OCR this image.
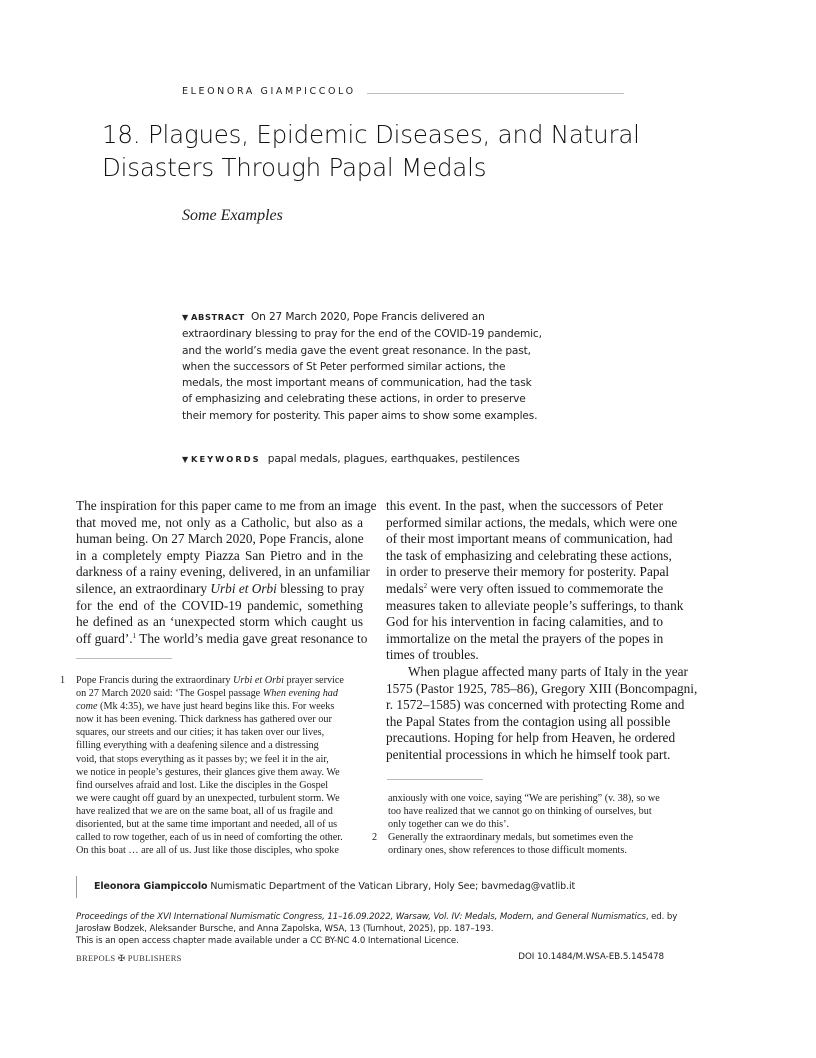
ELEONORA GIAMPICCOLO
18. Plagues, Epidemic Diseases, and Natural
Disasters Through Papal Medals
Some Examples
▼ ABSTRACT On 27 March 2020, Pope Francis delivered an extraordinary blessing to pray for the end of the COVID-19 pandemic, and the world’s media gave the event great resonance. In the past, when the successors of St Peter performed similar actions, the medals, the most important means of communication, had the task of emphasizing and celebrating these actions, in order to preserve their memory for posterity. This paper aims to show some examples.
▼ KEYWORDS papal medals, plagues, earthquakes, pestilences
The inspiration for this paper came to me from an image
that moved me, not only as a Catholic, but also as a
human being. On 27 March 2020, Pope Francis, alone
in a completely empty Piazza San Pietro and in the
darkness of a rainy evening, delivered, in an unfamiliar
silence, an extraordinary Urbi et Orbi blessing to pray
for the end of the COVID-19 pandemic, something
he defined as an ‘unexpected storm which caught us
off guard’.$^1$ The world’s media gave great resonance to
this event. In the past, when the successors of Peter
performed similar actions, the medals, which were one
of their most important means of communication, had
the task of emphasizing and celebrating these actions,
in order to preserve their memory for posterity. Papal
medals$^2$ were very often issued to commemorate the
measures taken to alleviate people’s sufferings, to thank
God for his intervention in facing calamities, and to
immortalize on the metal the prayers of the popes in
times of troubles.
When plague affected many parts of Italy in the year
1575 (Pastor 1925, 785–86), Gregory XIII (Boncompagni,
r. 1572–1585) was concerned with protecting Rome and
the Papal States from the contagion using all possible
precautions. Hoping for help from Heaven, he ordered
penitential processions in which he himself took part.
1 Pope Francis during the extraordinary Urbi et Orbi prayer service
on 27 March 2020 said: ‘The Gospel passage When evening had
come (Mk 4:35), we have just heard begins like this. For weeks
now it has been evening. Thick darkness has gathered over our
squares, our streets and our cities; it has taken over our lives,
filling everything with a deafening silence and a distressing
void, that stops everything as it passes by; we feel it in the air,
we notice in people’s gestures, their glances give them away. We
find ourselves afraid and lost. Like the disciples in the Gospel
we were caught off guard by an unexpected, turbulent storm. We
have realized that we are on the same boat, all of us fragile and
disoriented, but at the same time important and needed, all of us
called to row together, each of us in need of comforting the other.
On this boat … are all of us. Just like those disciples, who spoke
anxiously with one voice, saying “We are perishing” (v. 38), so we
too have realized that we cannot go on thinking of ourselves, but
only together can we do this’.
2 Generally the extraordinary medals, but sometimes even the
ordinary ones, show references to those difficult moments.
Eleonora Giampiccolo Numismatic Department of the Vatican Library, Holy See; bavmedag@vatlib.it
Proceedings of the XVI International Numismatic Congress, 11–16.09.2022, Warsaw, Vol. IV: Medals, Modern, and General Numismatics, ed. by
Jarosław Bodzek, Aleksander Bursche, and Anna Zapolska, WSA, 13 (Turnhout, 2025), pp. 187–193.
This is an open access chapter made available under a CC BY-NC 4.0 International Licence.
BREPOLS ✠ PUBLISHERS	DOI 10.1484/M.WSA-EB.5.145478
